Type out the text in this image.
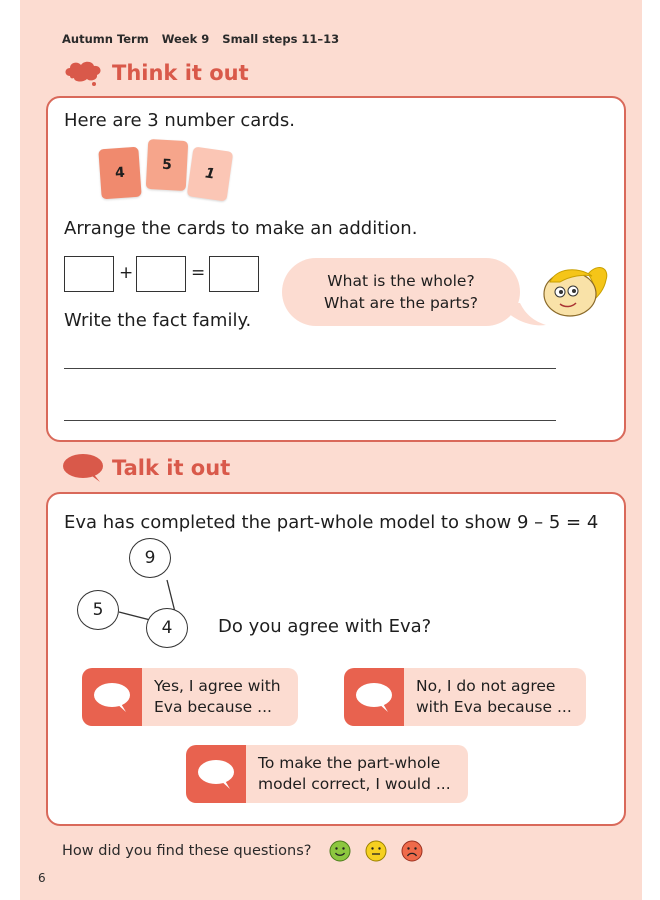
Autumn Term Week 9 Small steps 11–13
Think it out
Here are 3 number cards.
4	5
1
Arrange the cards to make an addition.
+	=	What is the whole?
What are the parts?
Write the fact family.
Talk it out
Eva has completed the part-whole model to show 9 – 5 = 4
9
5
4	Do you agree with Eva?
Yes, I agree with
Eva because ...
No, I do not agree
with Eva because ...
To make the part-whole
model correct, I would ...
How did you find these questions?
6
